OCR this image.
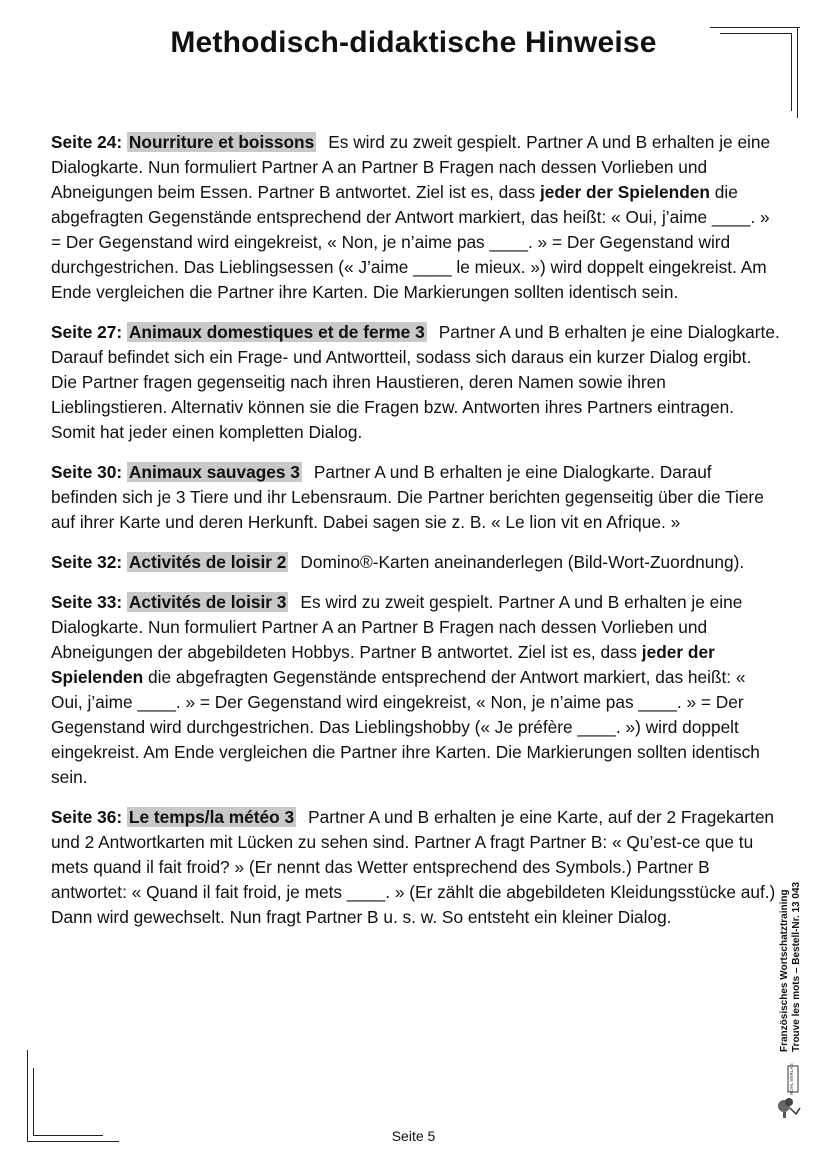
Methodisch-didaktische Hinweise

Seite 24: Nourriture et boissons Es wird zu zweit gespielt. Partner A und B erhalten je eine Dialogkarte. Nun formuliert Partner A an Partner B Fragen nach dessen Vorlieben und Abneigungen beim Essen. Partner B antwortet. Ziel ist es, dass jeder der Spielenden die abgefragten Gegenstände entsprechend der Antwort markiert, das heißt: « Oui, j’aime ____. » = Der Gegenstand wird eingekreist, « Non, je n’aime pas ____. » = Der Gegenstand wird durchgestrichen. Das Lieblingsessen (« J’aime ____ le mieux. ») wird doppelt eingekreist. Am Ende vergleichen die Partner ihre Karten. Die Markierungen sollten identisch sein.

Seite 27: Animaux domestiques et de ferme 3 Partner A und B erhalten je eine Dialogkarte. Darauf befindet sich ein Frage- und Antwortteil, sodass sich daraus ein kurzer Dialog ergibt. Die Partner fragen gegenseitig nach ihren Haustieren, deren Namen sowie ihren Lieblingstieren. Alternativ können sie die Fragen bzw. Antworten ihres Partners eintragen. Somit hat jeder einen kompletten Dialog.

Seite 30: Animaux sauvages 3 Partner A und B erhalten je eine Dialogkarte. Darauf befinden sich je 3 Tiere und ihr Lebensraum. Die Partner berichten gegenseitig über die Tiere auf ihrer Karte und deren Herkunft. Dabei sagen sie z. B. « Le lion vit en Afrique. »

Seite 32: Activités de loisir 2 Domino®-Karten aneinanderlegen (Bild-Wort-Zuordnung).

Seite 33: Activités de loisir 3 Es wird zu zweit gespielt. Partner A und B erhalten je eine Dialogkarte. Nun formuliert Partner A an Partner B Fragen nach dessen Vorlieben und Abneigungen der abgebildeten Hobbys. Partner B antwortet. Ziel ist es, dass jeder der Spielenden die abgefragten Gegenstände entsprechend der Antwort markiert, das heißt: « Oui, j’aime ____. » = Der Gegenstand wird eingekreist, « Non, je n’aime pas ____. » = Der Gegenstand wird durchgestrichen. Das Lieblingshobby (« Je préfère ____. ») wird doppelt eingekreist. Am Ende vergleichen die Partner ihre Karten. Die Markierungen sollten identisch sein.

Seite 36: Le temps/la météo 3 Partner A und B erhalten je eine Karte, auf der 2 Fragekarten und 2 Antwortkarten mit Lücken zu sehen sind. Partner A fragt Partner B: « Qu’est-ce que tu mets quand il fait froid? » (Er nennt das Wetter entsprechend des Symbols.) Partner B antwortet: « Quand il fait froid, je mets ____. » (Er zählt die abgebildeten Kleidungsstücke auf.) Dann wird gewechselt. Nun fragt Partner B u. s. w. So entsteht ein kleiner Dialog.	Französisches Wortschatztraining Trouve les mots – Bestell-Nr. 13 043
KOHL VERLAG
Seite 5
